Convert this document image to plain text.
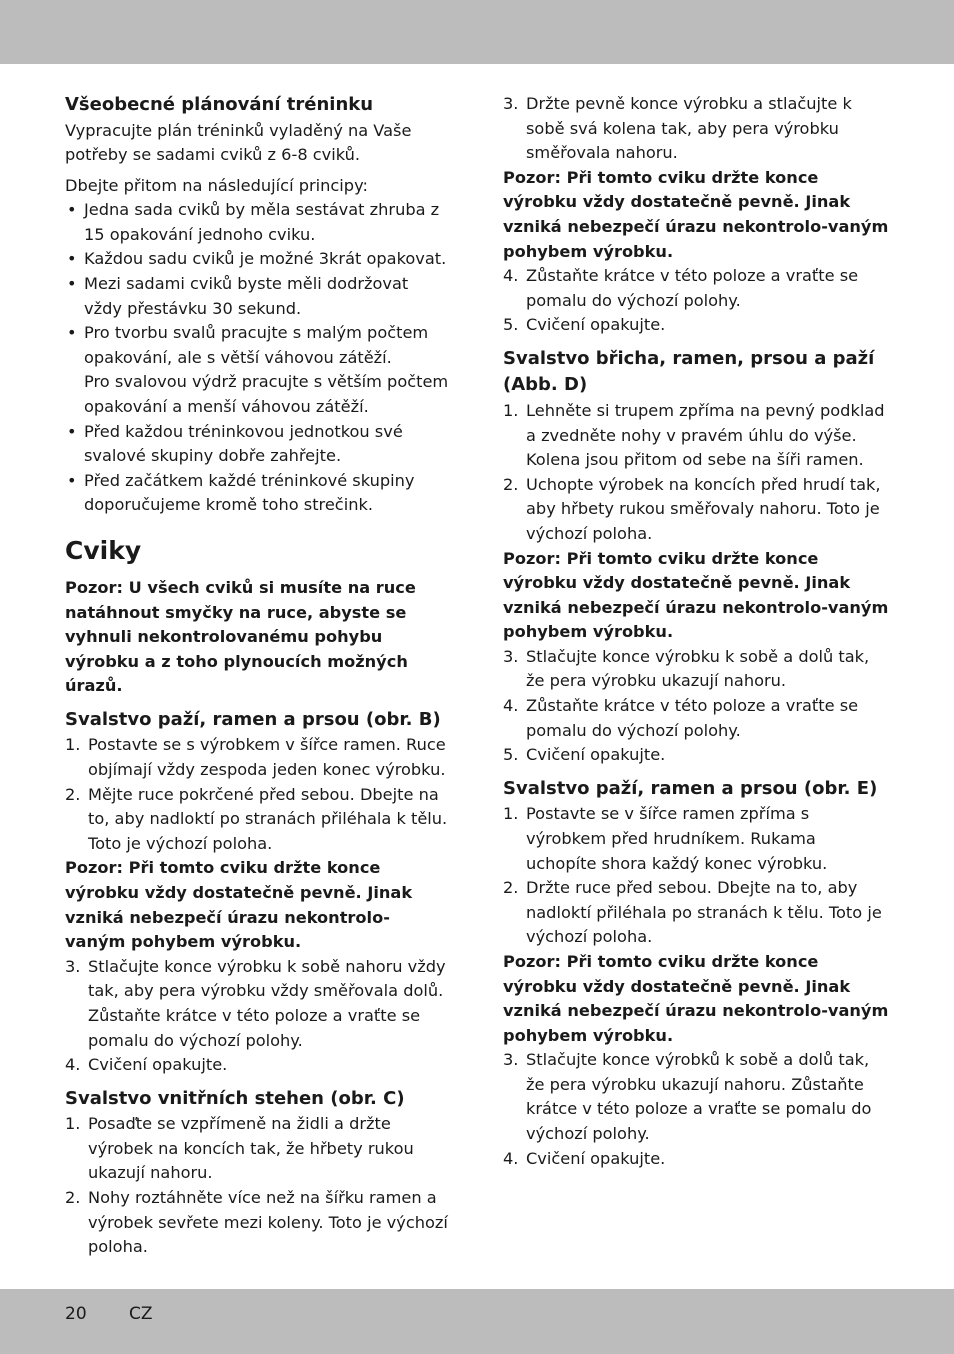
Všeobecné plánování tréninku

Vypracujte plán tréninků vyladěný na Vaše potřeby se sadami cviků z 6-8 cviků.

Dbejte přitom na následující principy:

• Jedna sada cviků by měla sestávat zhruba z 15 opakování jednoho cviku.
• Každou sadu cviků je možné 3krát opakovat.
• Mezi sadami cviků byste měli dodržovat vždy přestávku 30 sekund.
• Pro tvorbu svalů pracujte s malým počtem opakování, ale s větší váhovou zátěží.
Pro svalovou výdrž pracujte s větším počtem opakování a menší váhovou zátěží.
• Před každou tréninkovou jednotkou své svalové skupiny dobře zahřejte.
• Před začátkem každé tréninkové skupiny doporučujeme kromě toho strečink.
Cviky

Pozor: U všech cviků si musíte na ruce natáhnout smyčky na ruce, abyste se vyhnuli nekontrolovanému pohybu výrobku a z toho plynoucích možných úrazů.

Svalstvo paží, ramen a prsou (obr. B)
1. Postavte se s výrobkem v šířce ramen. Ruce objímají vždy zespoda jeden konec výrobku.
2. Mějte ruce pokrčené před sebou. Dbejte na to, aby nadloktí po stranách přiléhala k tělu. Toto je výchozí poloha.

Pozor: Při tomto cviku držte konce výrobku vždy dostatečně pevně. Jinak vzniká nebezpečí úrazu nekontrolo-vaným pohybem výrobku.

3. Stlačujte konce výrobku k sobě nahoru vždy tak, aby pera výrobku vždy směřovala dolů. Zůstaňte krátce v této poloze a vraťte se pomalu do výchozí polohy.
4. Cvičení opakujte.
Svalstvo vnitřních stehen (obr. C)
1. Posaďte se vzpřímeně na židli a držte výrobek na koncích tak, že hřbety rukou ukazují nahoru.
2. Nohy roztáhněte více než na šířku ramen a výrobek sevřete mezi koleny. Toto je výchozí poloha.
3. Držte pevně konce výrobku a stlačujte k sobě svá kolena tak, aby pera výrobku směřovala nahoru.

Pozor: Při tomto cviku držte konce výrobku vždy dostatečně pevně. Jinak vzniká nebezpečí úrazu nekontrolo-vaným pohybem výrobku.

4. Zůstaňte krátce v této poloze a vraťte se pomalu do výchozí polohy.
5. Cvičení opakujte.
Svalstvo břicha, ramen, prsou a paží (Abb. D)
1. Lehněte si trupem zpříma na pevný podklad a zvedněte nohy v pravém úhlu do výše. Kolena jsou přitom od sebe na šíři ramen.
2. Uchopte výrobek na koncích před hrudí tak, aby hřbety rukou směřovaly nahoru. Toto je výchozí poloha.

Pozor: Při tomto cviku držte konce výrobku vždy dostatečně pevně. Jinak vzniká nebezpečí úrazu nekontrolo-vaným pohybem výrobku.

3. Stlačujte konce výrobku k sobě a dolů tak, že pera výrobku ukazují nahoru.
4. Zůstaňte krátce v této poloze a vraťte se pomalu do výchozí polohy.
5. Cvičení opakujte.
Svalstvo paží, ramen a prsou (obr. E)
1. Postavte se v šířce ramen zpříma s výrobkem před hrudníkem. Rukama uchopíte shora každý konec výrobku.
2. Držte ruce před sebou. Dbejte na to, aby nadloktí přiléhala po stranách k tělu. Toto je výchozí poloha.

Pozor: Při tomto cviku držte konce výrobku vždy dostatečně pevně. Jinak vzniká nebezpečí úrazu nekontrolo-vaným pohybem výrobku.

3. Stlačujte konce výrobků k sobě a dolů tak, že pera výrobku ukazují nahoru. Zůstaňte krátce v této poloze a vraťte se pomalu do výchozí polohy.
4. Cvičení opakujte.
20 CZ
